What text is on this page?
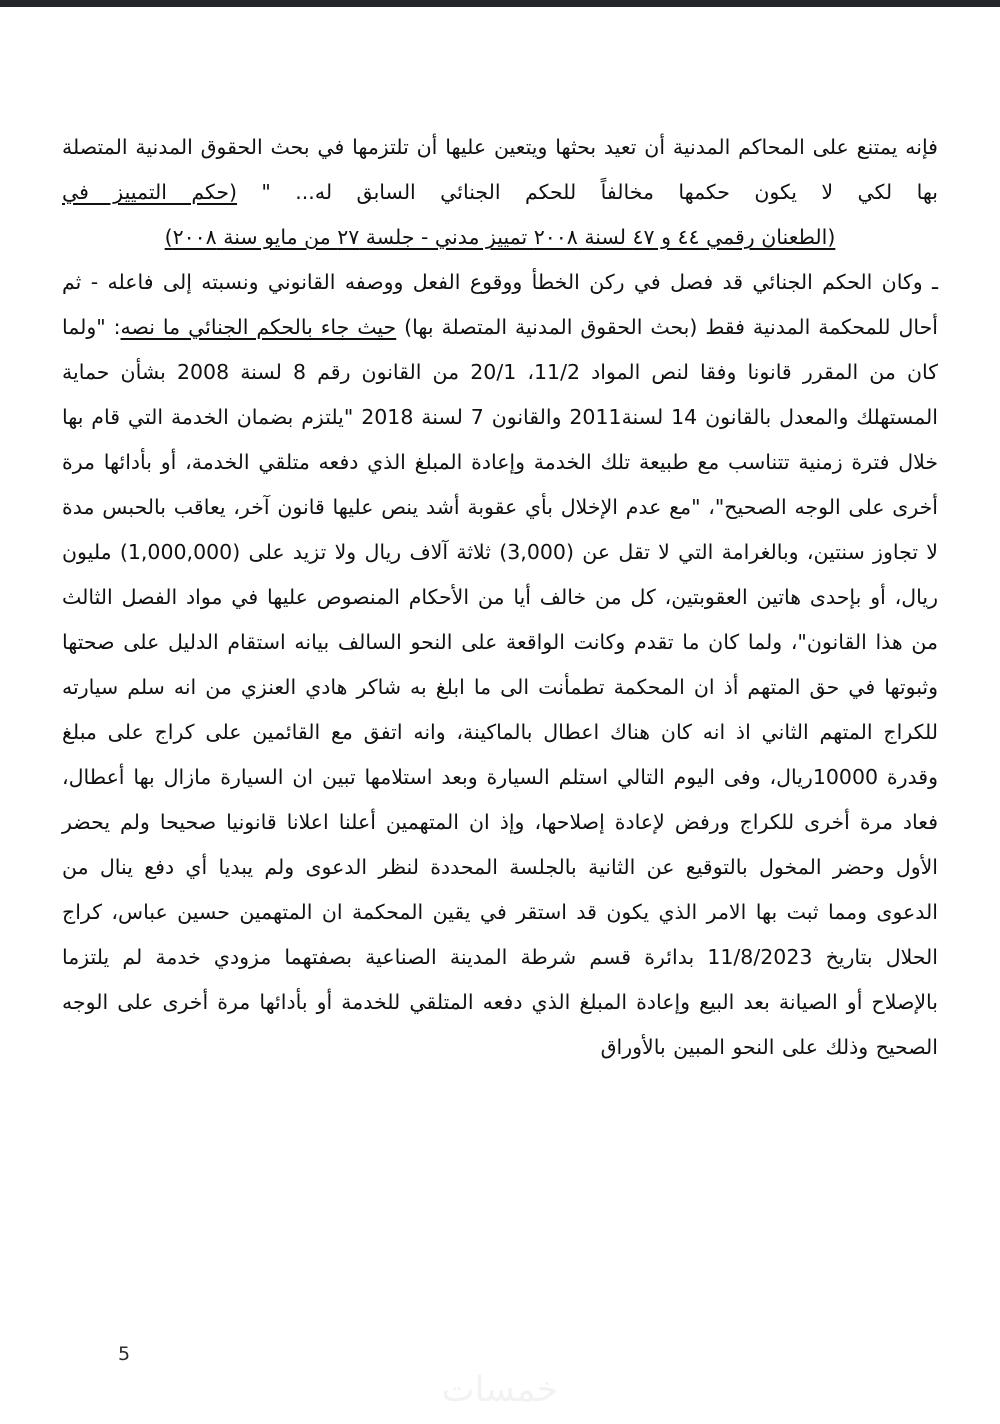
فإنه يمتنع على المحاكم المدنية أن تعيد بحثها ويتعين عليها أن تلتزمها في بحث الحقوق المدنية المتصلة بها لكي لا يكون حكمها مخالفاً للحكم الجنائي السابق له... " (حكم التمييز في

(الطعنان رقمي ٤٤ و ٤٧ لسنة ٢٠٠٨ تمييز مدني - جلسة ٢٧ من مايو سنة ٢٠٠٨)

ـ وكان الحكم الجنائي قد فصل في ركن الخطأ ووقوع الفعل ووصفه القانوني ونسبته إلى فاعله - ثم أحال للمحكمة المدنية فقط (بحث الحقوق المدنية المتصلة بها) حيث جاء بالحكم الجنائي ما نصه: "ولما كان من المقرر قانونا وفقا لنص المواد 11/2، 20/1 من القانون رقم 8 لسنة 2008 بشأن حماية المستهلك والمعدل بالقانون 14 لسنة2011 والقانون 7 لسنة 2018 "يلتزم بضمان الخدمة التي قام بها خلال فترة زمنية تتناسب مع طبيعة تلك الخدمة وإعادة المبلغ الذي دفعه متلقي الخدمة، أو بأدائها مرة أخرى على الوجه الصحيح"، "مع عدم الإخلال بأي عقوبة أشد ينص عليها قانون آخر، يعاقب بالحبس مدة لا تجاوز سنتين، وبالغرامة التي لا تقل عن (3,000) ثلاثة آلاف ريال ولا تزيد على (1,000,000) مليون ريال، أو بإحدى هاتين العقوبتين، كل من خالف أيا من الأحكام المنصوص عليها في مواد الفصل الثالث من هذا القانون"، ولما كان ما تقدم وكانت الواقعة على النحو السالف بيانه استقام الدليل على صحتها وثبوتها في حق المتهم أذ ان المحكمة تطمأنت الى ما ابلغ به شاكر هادي العنزي من انه سلم سيارته للكراج المتهم الثاني اذ انه كان هناك اعطال بالماكينة، وانه اتفق مع القائمين على كراج على مبلغ وقدرة 10000ريال، وفى اليوم التالي استلم السيارة وبعد استلامها تبين ان السيارة مازال بها أعطال، فعاد مرة أخرى للكراج ورفض لإعادة إصلاحها، وإذ ان المتهمين أعلنا اعلانا قانونيا صحيحا ولم يحضر الأول وحضر المخول بالتوقيع عن الثانية بالجلسة المحددة لنظر الدعوى ولم يبديا أي دفع ينال من الدعوى ومما ثبت بها الامر الذي يكون قد استقر في يقين المحكمة ان المتهمين حسين عباس، كراج الحلال بتاريخ 11/8/2023 بدائرة قسم شرطة المدينة الصناعية بصفتهما مزودي خدمة لم يلتزما بالإصلاح أو الصيانة بعد البيع وإعادة المبلغ الذي دفعه المتلقي للخدمة أو بأدائها مرة أخرى على الوجه الصحيح وذلك على النحو المبين بالأوراق

5
خمسات
